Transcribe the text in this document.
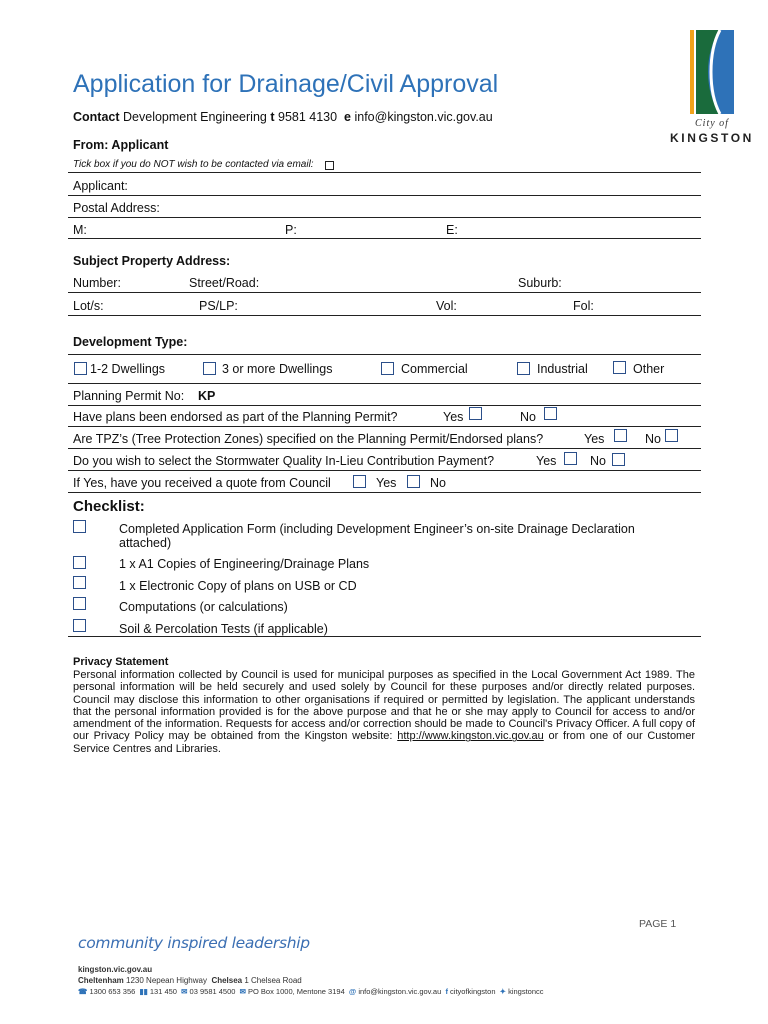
City of
KINGSTON
Application for Drainage/Civil Approval
Contact Development Engineering t 9581 4130 e info@kingston.vic.gov.au
From: Applicant
Tick box if you do NOT wish to be contacted via email:
Applicant:
Postal Address:
M:	P:	E:
Subject Property Address:
Number:	Street/Road:	Suburb:
Lot/s:	PS/LP:	Vol:	Fol:
Development Type:
1-2 Dwellings	3 or more Dwellings	Commercial	Industrial	Other
Planning Permit No: KP
Have plans been endorsed as part of the Planning Permit?	Yes	No
Are TPZ’s (Tree Protection Zones) specified on the Planning Permit/Endorsed plans?	Yes	No
Do you wish to select the Stormwater Quality In-Lieu Contribution Payment?	Yes	No
If Yes, have you received a quote from Council	Yes	No
Checklist:
Completed Application Form (including Development Engineer’s on-site Drainage Declaration
attached)
1 x A1 Copies of Engineering/Drainage Plans
1 x Electronic Copy of plans on USB or CD
Computations (or calculations)
Soil & Percolation Tests (if applicable)
Privacy Statement
Personal information collected by Council is used for municipal purposes as specified in the Local Government Act 1989. The personal information will be held securely and used solely by Council for these purposes and/or directly related purposes. Council may disclose this information to other organisations if required or permitted by legislation. The applicant understands that the personal information provided is for the above purpose and that he or she may apply to Council for access to and/or amendment of the information. Requests for access and/or correction should be made to Council's Privacy Officer. A full copy of our Privacy Policy may be obtained from the Kingston website: http://www.kingston.vic.gov.au or from one of our Customer Service Centres and Libraries.
PAGE 1
community inspired leadership
kingston.vic.gov.au
Cheltenham 1230 Nepean Highway Chelsea 1 Chelsea Road
☎ 1300 653 356 ▮▮ 131 450 ✉ 03 9581 4500 ✉ PO Box 1000, Mentone 3194 @ info@kingston.vic.gov.au f cityofkingston ✦ kingstoncc
